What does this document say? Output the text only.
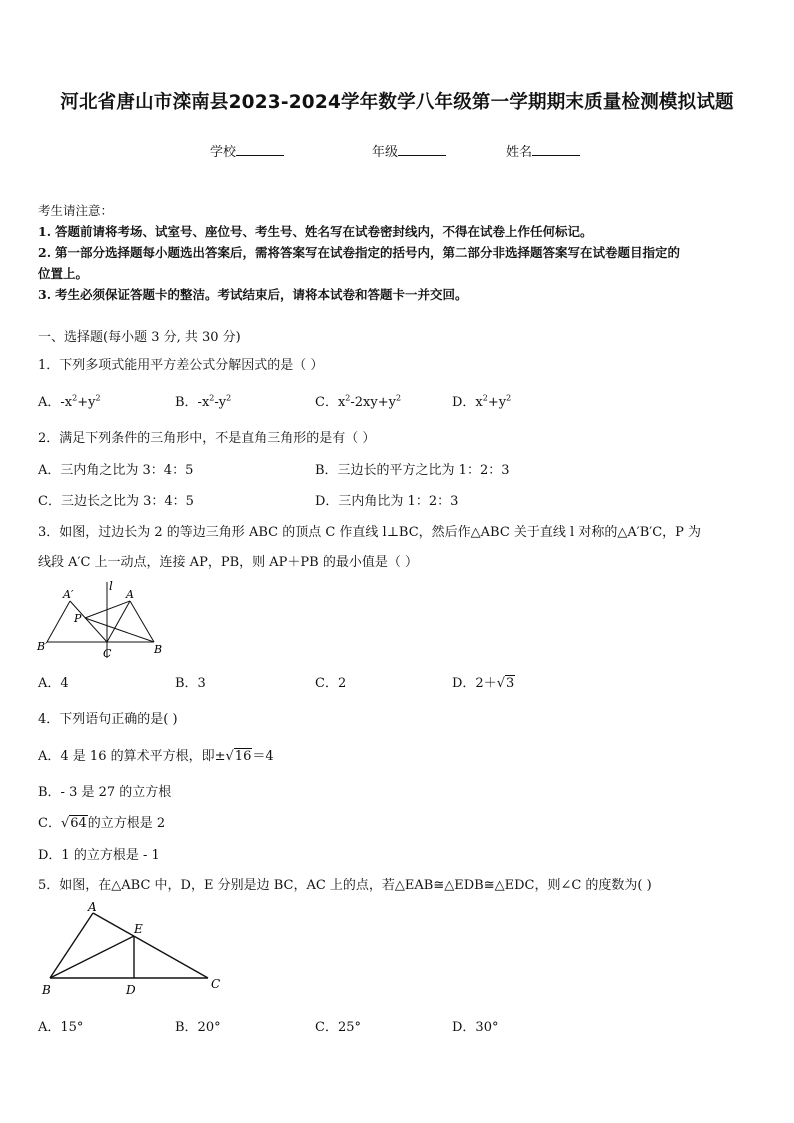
河北省唐山市滦南县2023-2024学年数学八年级第一学期期末质量检测模拟试题
学校	年级	姓名

考生请注意：

1. 答题前请将考场、试室号、座位号、考生号、姓名写在试卷密封线内，不得在试卷上作任何标记。

2. 第一部分选择题每小题选出答案后，需将答案写在试卷指定的括号内，第二部分非选择题答案写在试卷题目指定的

位置上。

3. 考生必须保证答题卡的整洁。考试结束后，请将本试卷和答题卡一并交回。

一、选择题(每小题 3 分, 共 30 分)
1．下列多项式能用平方差公式分解因式的是（ ）
A．$-x^2+y^2$	B．$-x^2-y^2$	C．$x^2-2xy+y^2$	D．$x^2+y^2$
2．满足下列条件的三角形中，不是直角三角形的是有（ ）
A．三内角之比为 3：4：5	B．三边长的平方之比为 1：2：3
C．三边长之比为 3：4：5	D．三内角比为 1：2：3
3．如图，过边长为 2 的等边三角形 ABC 的顶点 C 作直线 l⊥BC，然后作△ABC 关于直线 l 对称的△A′B′C，P 为
线段 A′C 上一动点，连接 AP，PB，则 AP＋PB 的最小值是（ ）
l
A′	A
P
B′
C	B
A．4	B．3	C．2	D．2＋√3
4．下列语句正确的是( )
A．4 是 16 的算术平方根，即±√16＝4
B．- 3 是 27 的立方根
C．√64的立方根是 2
D．1 的立方根是 - 1
5．如图，在△ABC 中，D，E 分别是边 BC，AC 上的点，若△EAB≅△EDB≅△EDC，则∠C 的度数为( )
A
E
B	D	C
A．15°	B．20°	C．25°	D．30°
